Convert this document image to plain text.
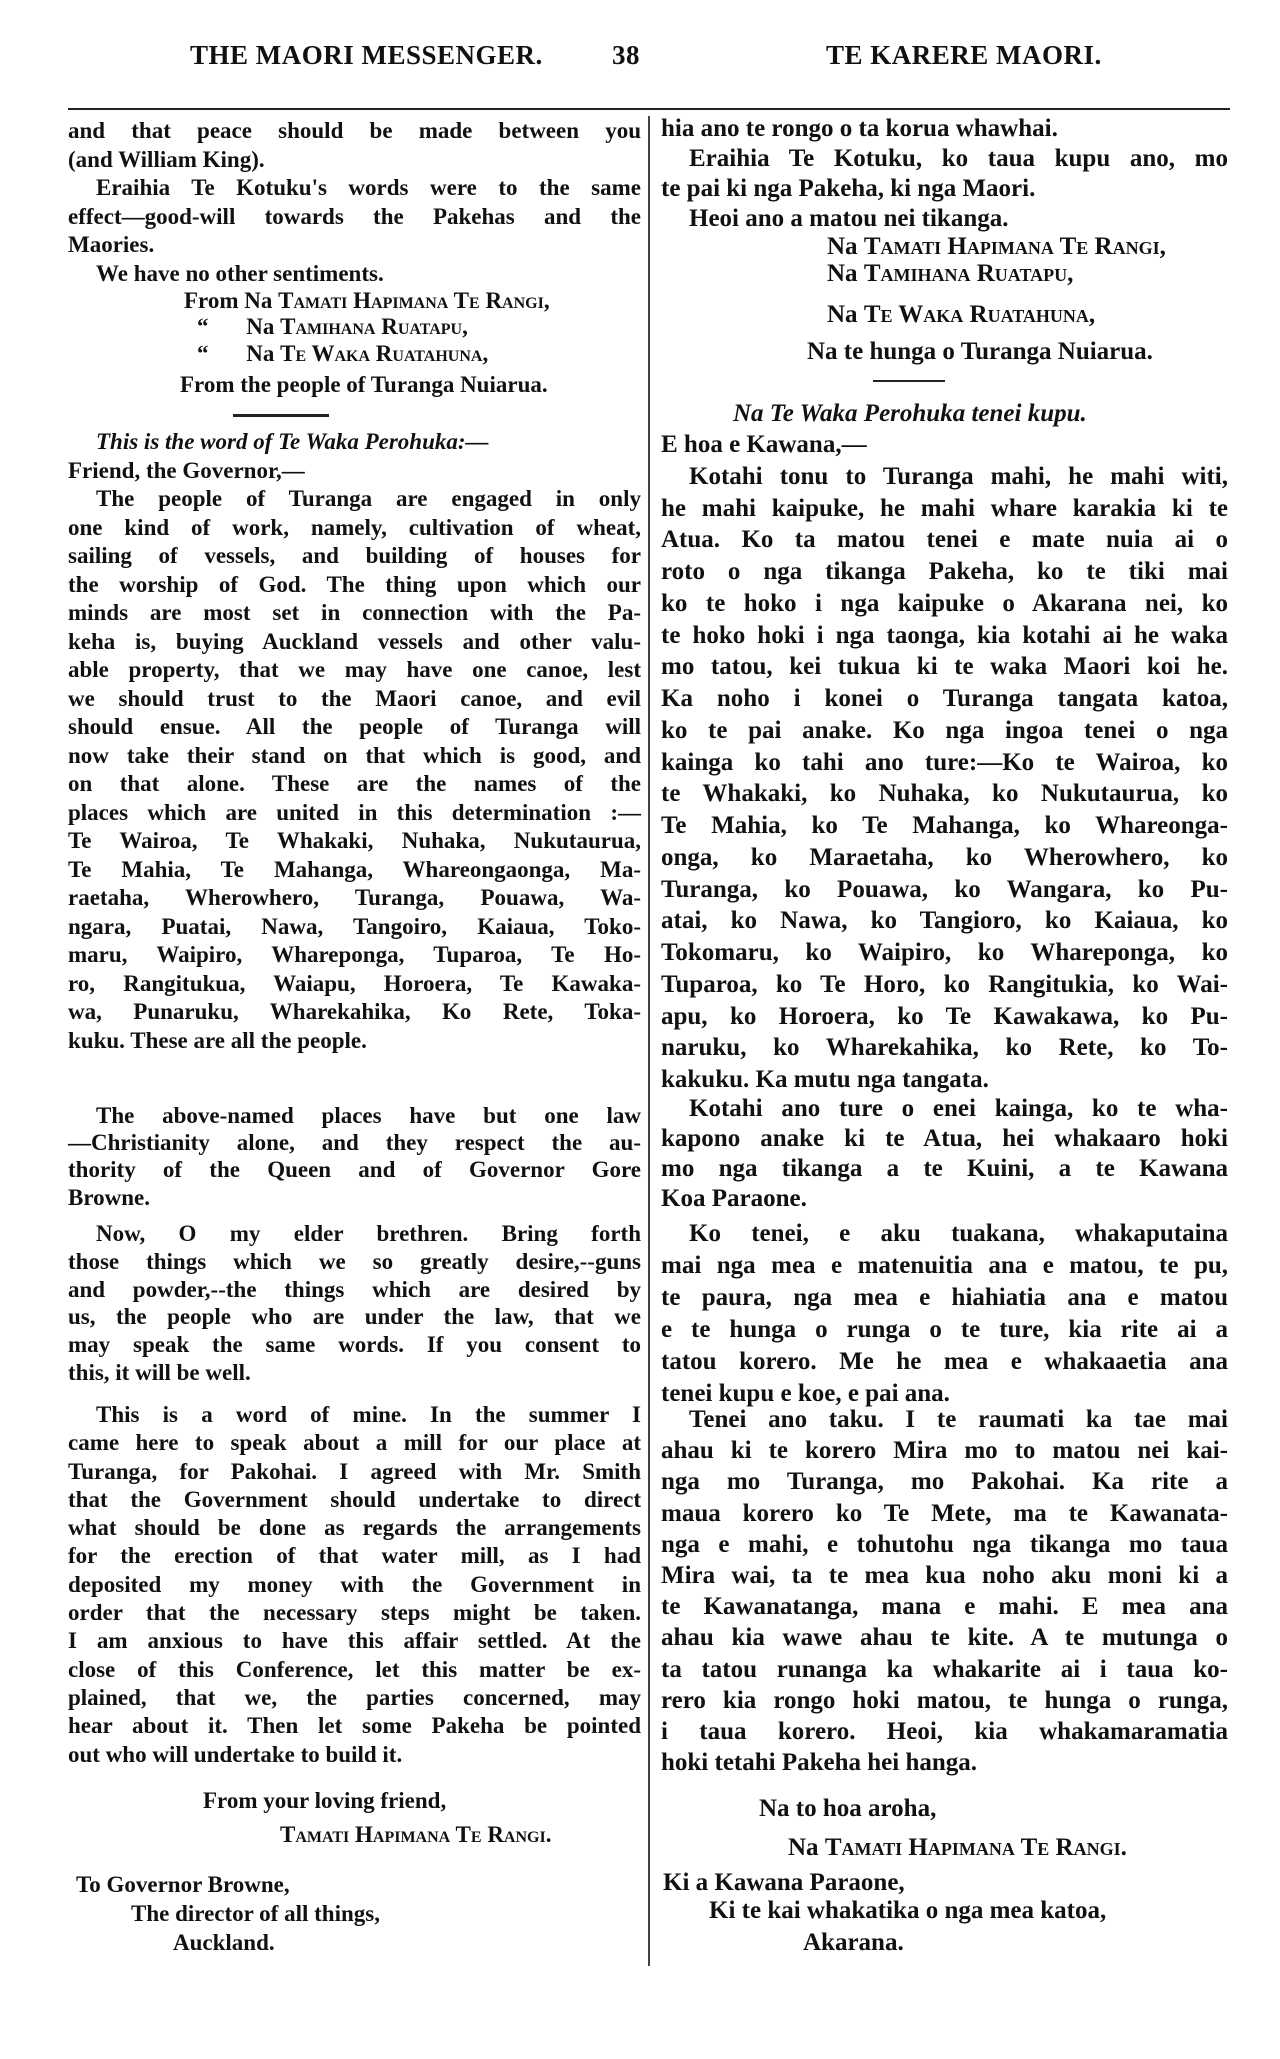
THE MAORI MESSENGER.	38	TE KARERE MAORI.
and that peace should be made between you
(and William King).
Eraihia Te Kotuku's words were to the same
effect—good-will towards the Pakehas and the
Maories.
We have no other sentiments.
From Na Tamati Hapimana Te Rangi,
“ Na Tamihana Ruatapu,
“ Na Te Waka Ruatahuna,
From the people of Turanga Nuiarua.
This is the word of Te Waka Perohuka:—
Friend, the Governor,—
The people of Turanga are engaged in only
one kind of work, namely, cultivation of wheat,
sailing of vessels, and building of houses for
the worship of God. The thing upon which our
minds are most set in connection with the Pa-
keha is, buying Auckland vessels and other valu-
able property, that we may have one canoe, lest
we should trust to the Maori canoe, and evil
should ensue. All the people of Turanga will
now take their stand on that which is good, and
on that alone. These are the names of the
places which are united in this determination :—
Te Wairoa, Te Whakaki, Nuhaka, Nukutaurua,
Te Mahia, Te Mahanga, Whareongaonga, Ma-
raetaha, Wherowhero, Turanga, Pouawa, Wa-
ngara, Puatai, Nawa, Tangoiro, Kaiaua, Toko-
maru, Waipiro, Whareponga, Tuparoa, Te Ho-
ro, Rangitukua, Waiapu, Horoera, Te Kawaka-
wa, Punaruku, Wharekahika, Ko Rete, Toka-
kuku. These are all the people.
The above-named places have but one law
—Christianity alone, and they respect the au-
thority of the Queen and of Governor Gore
Browne.
Now, O my elder brethren. Bring forth
those things which we so greatly desire,--guns
and powder,--the things which are desired by
us, the people who are under the law, that we
may speak the same words. If you consent to
this, it will be well.
This is a word of mine. In the summer I
came here to speak about a mill for our place at
Turanga, for Pakohai. I agreed with Mr. Smith
that the Government should undertake to direct
what should be done as regards the arrangements
for the erection of that water mill, as I had
deposited my money with the Government in
order that the necessary steps might be taken.
I am anxious to have this affair settled. At the
close of this Conference, let this matter be ex-
plained, that we, the parties concerned, may
hear about it. Then let some Pakeha be pointed
out who will undertake to build it.
From your loving friend,
Tamati Hapimana Te Rangi.
To Governor Browne,
The director of all things,
Auckland.
hia ano te rongo o ta korua whawhai.
Eraihia Te Kotuku, ko taua kupu ano, mo
te pai ki nga Pakeha, ki nga Maori.
Heoi ano a matou nei tikanga.
Na Tamati Hapimana Te Rangi,
Na Tamihana Ruatapu,
Na Te Waka Ruatahuna,
Na te hunga o Turanga Nuiarua.
Na Te Waka Perohuka tenei kupu.
E hoa e Kawana,—
Kotahi tonu to Turanga mahi, he mahi witi,
he mahi kaipuke, he mahi whare karakia ki te
Atua. Ko ta matou tenei e mate nuia ai o
roto o nga tikanga Pakeha, ko te tiki mai
ko te hoko i nga kaipuke o Akarana nei, ko
te hoko hoki i nga taonga, kia kotahi ai he waka
mo tatou, kei tukua ki te waka Maori koi he.
Ka noho i konei o Turanga tangata katoa,
ko te pai anake. Ko nga ingoa tenei o nga
kainga ko tahi ano ture:—Ko te Wairoa, ko
te Whakaki, ko Nuhaka, ko Nukutaurua, ko
Te Mahia, ko Te Mahanga, ko Whareonga-
onga, ko Maraetaha, ko Wherowhero, ko
Turanga, ko Pouawa, ko Wangara, ko Pu-
atai, ko Nawa, ko Tangioro, ko Kaiaua, ko
Tokomaru, ko Waipiro, ko Whareponga, ko
Tuparoa, ko Te Horo, ko Rangitukia, ko Wai-
apu, ko Horoera, ko Te Kawakawa, ko Pu-
naruku, ko Wharekahika, ko Rete, ko To-
kakuku. Ka mutu nga tangata.
Kotahi ano ture o enei kainga, ko te wha-
kapono anake ki te Atua, hei whakaaro hoki
mo nga tikanga a te Kuini, a te Kawana
Koa Paraone.
Ko tenei, e aku tuakana, whakaputaina
mai nga mea e matenuitia ana e matou, te pu,
te paura, nga mea e hiahiatia ana e matou
e te hunga o runga o te ture, kia rite ai a
tatou korero. Me he mea e whakaaetia ana
tenei kupu e koe, e pai ana.
Tenei ano taku. I te raumati ka tae mai
ahau ki te korero Mira mo to matou nei kai-
nga mo Turanga, mo Pakohai. Ka rite a
maua korero ko Te Mete, ma te Kawanata-
nga e mahi, e tohutohu nga tikanga mo taua
Mira wai, ta te mea kua noho aku moni ki a
te Kawanatanga, mana e mahi. E mea ana
ahau kia wawe ahau te kite. A te mutunga o
ta tatou runanga ka whakarite ai i taua ko-
rero kia rongo hoki matou, te hunga o runga,
i taua korero. Heoi, kia whakamaramatia
hoki tetahi Pakeha hei hanga.
Na to hoa aroha,
Na Tamati Hapimana Te Rangi.
Ki a Kawana Paraone,
Ki te kai whakatika o nga mea katoa,
Akarana.
